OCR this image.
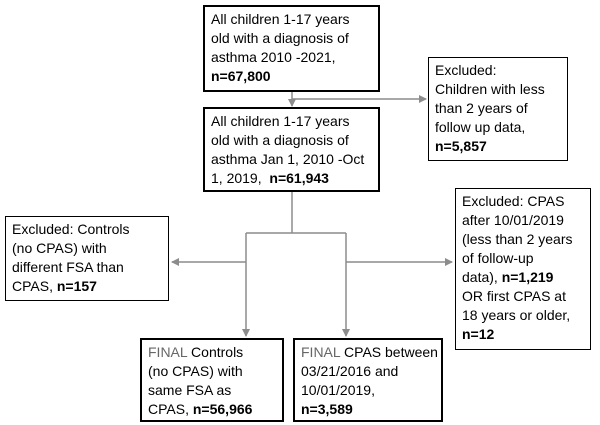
All children 1-17 years
old with a diagnosis of
asthma 2010 -2021,
n=67,800	Excluded:
Children with less
than 2 years of
follow up data,
n=5,857
All children 1-17 years
old with a diagnosis of
asthma Jan 1, 2010 -Oct
1, 2019,  n=61,943
Excluded: Controls
(no CPAS) with
different FSA than
CPAS, n=157
Excluded: CPAS
after 10/01/2019
(less than 2 years
of follow-up
data), n=1,219
OR first CPAS at
18 years or older,
n=12
FINAL Controls
(no CPAS) with
same FSA as
CPAS, n=56,966
FINAL CPAS between
03/21/2016 and
10/01/2019,
n=3,589
